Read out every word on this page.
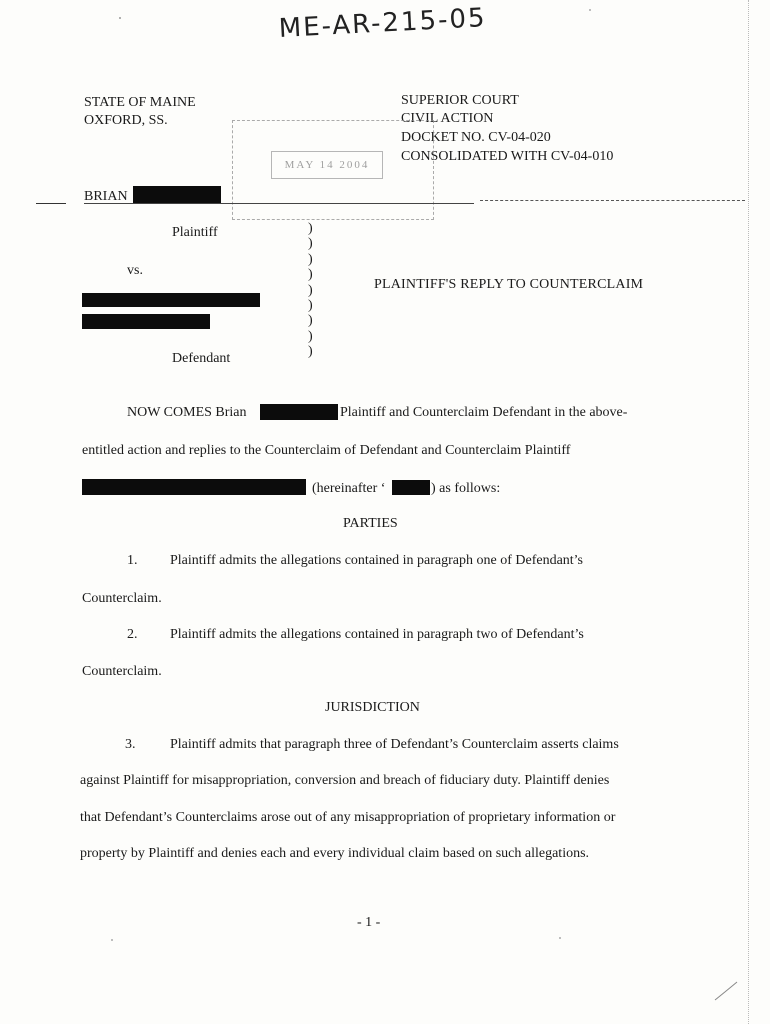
ME-AR-215-05
STATE OF MAINE
OXFORD, SS.
SUPERIOR COURT
CIVIL ACTION
DOCKET NO. CV-04-020
CONSOLIDATED WITH CV-04-010
MAY 14 2004
BRIAN
Plaintiff
vs.
Defendant
)
)
)
)
)
)
)
)
)
PLAINTIFF'S REPLY TO COUNTERCLAIM
NOW COMES Brian	Plaintiff and Counterclaim Defendant in the above-
entitled action and replies to the Counterclaim of Defendant and Counterclaim Plaintiff
(hereinafter ‘	) as follows:
PARTIES
1. Plaintiff admits the allegations contained in paragraph one of Defendant’s
Counterclaim.
2. Plaintiff admits the allegations contained in paragraph two of Defendant’s
Counterclaim.
JURISDICTION
3. Plaintiff admits that paragraph three of Defendant’s Counterclaim asserts claims
against Plaintiff for misappropriation, conversion and breach of fiduciary duty. Plaintiff denies
that Defendant’s Counterclaims arose out of any misappropriation of proprietary information or
property by Plaintiff and denies each and every individual claim based on such allegations.
- 1 -
